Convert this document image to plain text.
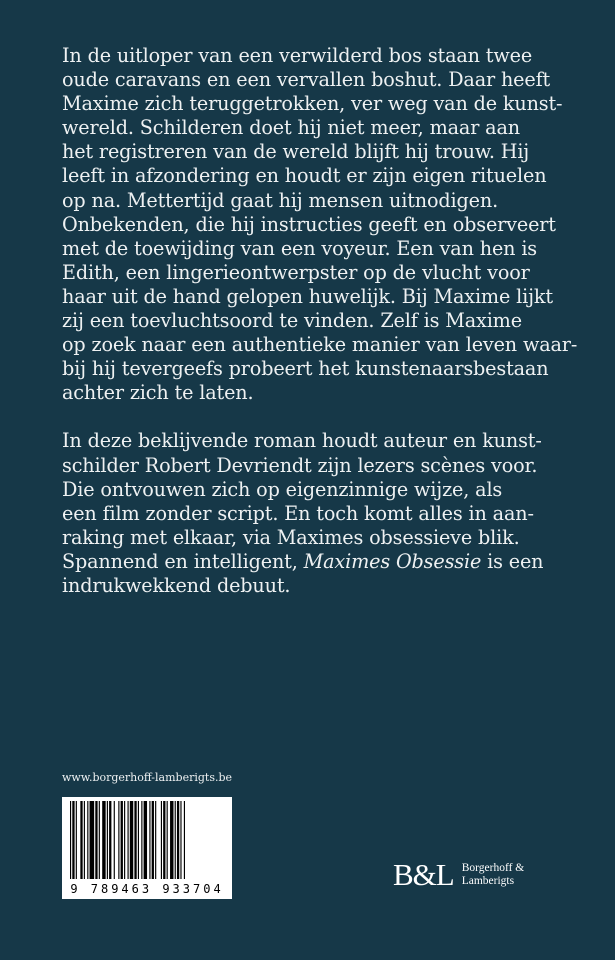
In de uitloper van een verwilderd bos staan twee
oude caravans en een vervallen boshut. Daar heeft
Maxime zich teruggetrokken, ver weg van de kunst-
wereld. Schilderen doet hij niet meer, maar aan
het registreren van de wereld blijft hij trouw. Hij
leeft in afzondering en houdt er zijn eigen rituelen
op na. Mettertijd gaat hij mensen uitnodigen.
Onbekenden, die hij instructies geeft en observeert
met de toewijding van een voyeur. Een van hen is
Edith, een lingerieontwerpster op de vlucht voor
haar uit de hand gelopen huwelijk. Bij Maxime lijkt
zij een toevluchtsoord te vinden. Zelf is Maxime
op zoek naar een authentieke manier van leven waar-
bij hij tevergeefs probeert het kunstenaarsbestaan
achter zich te laten.
In deze beklijvende roman houdt auteur en kunst-
schilder Robert Devriendt zijn lezers scènes voor.
Die ontvouwen zich op eigenzinnige wijze, als
een film zonder script. En toch komt alles in aan-
raking met elkaar, via Maximes obsessieve blik.
Spannend en intelligent, Maximes Obsessie is een
indrukwekkend debuut.
www.borgerhoff-lamberigts.be
9 789463 933704	B&L Borgerhoff &
Lamberigts
